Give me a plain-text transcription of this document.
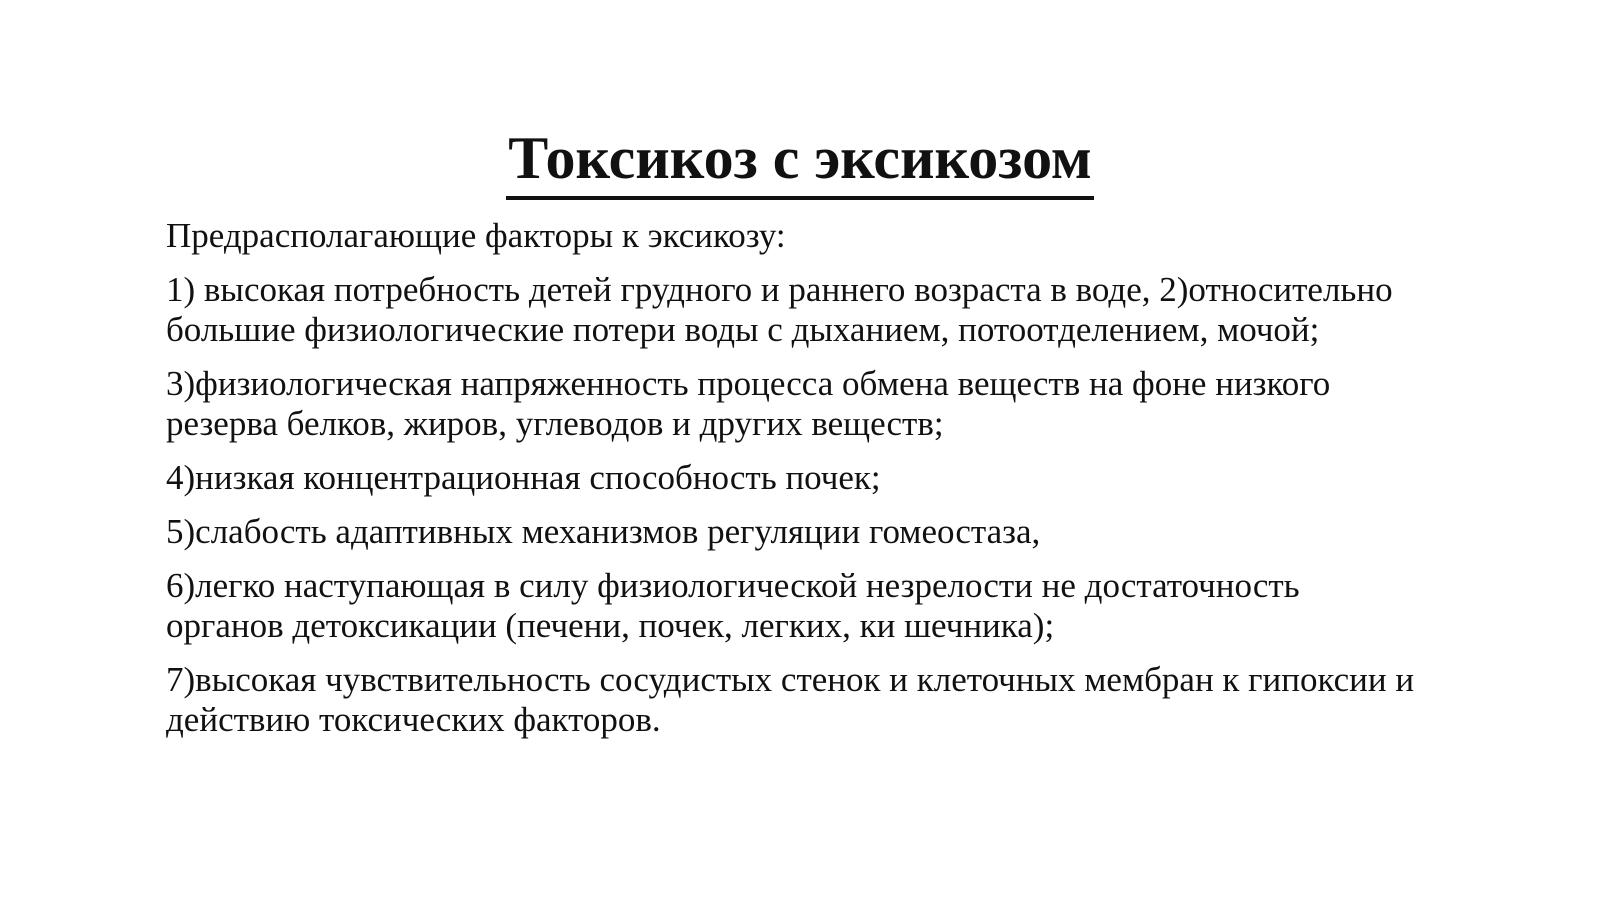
Токсикоз с эксикозом

Предрасполагающие факторы к эксикозу:

1) высокая потребность детей грудного и раннего возраста в воде, 2)относительно большие физиологические потери воды с дыханием, потоотделением, мочой;

3)физиологическая напряженность процесса обмена веществ на фоне низкого резерва белков, жиров, углеводов и других веществ;

4)низкая концентрационная способность почек;

5)слабость адаптивных механизмов регуляции гомеостаза,

6)легко наступающая в силу физиологической незрелости не достаточность органов детоксикации (печени, почек, легких, ки шечника);

7)высокая чувствительность сосудистых стенок и клеточных мембран к гипоксии и действию токсических факторов.
